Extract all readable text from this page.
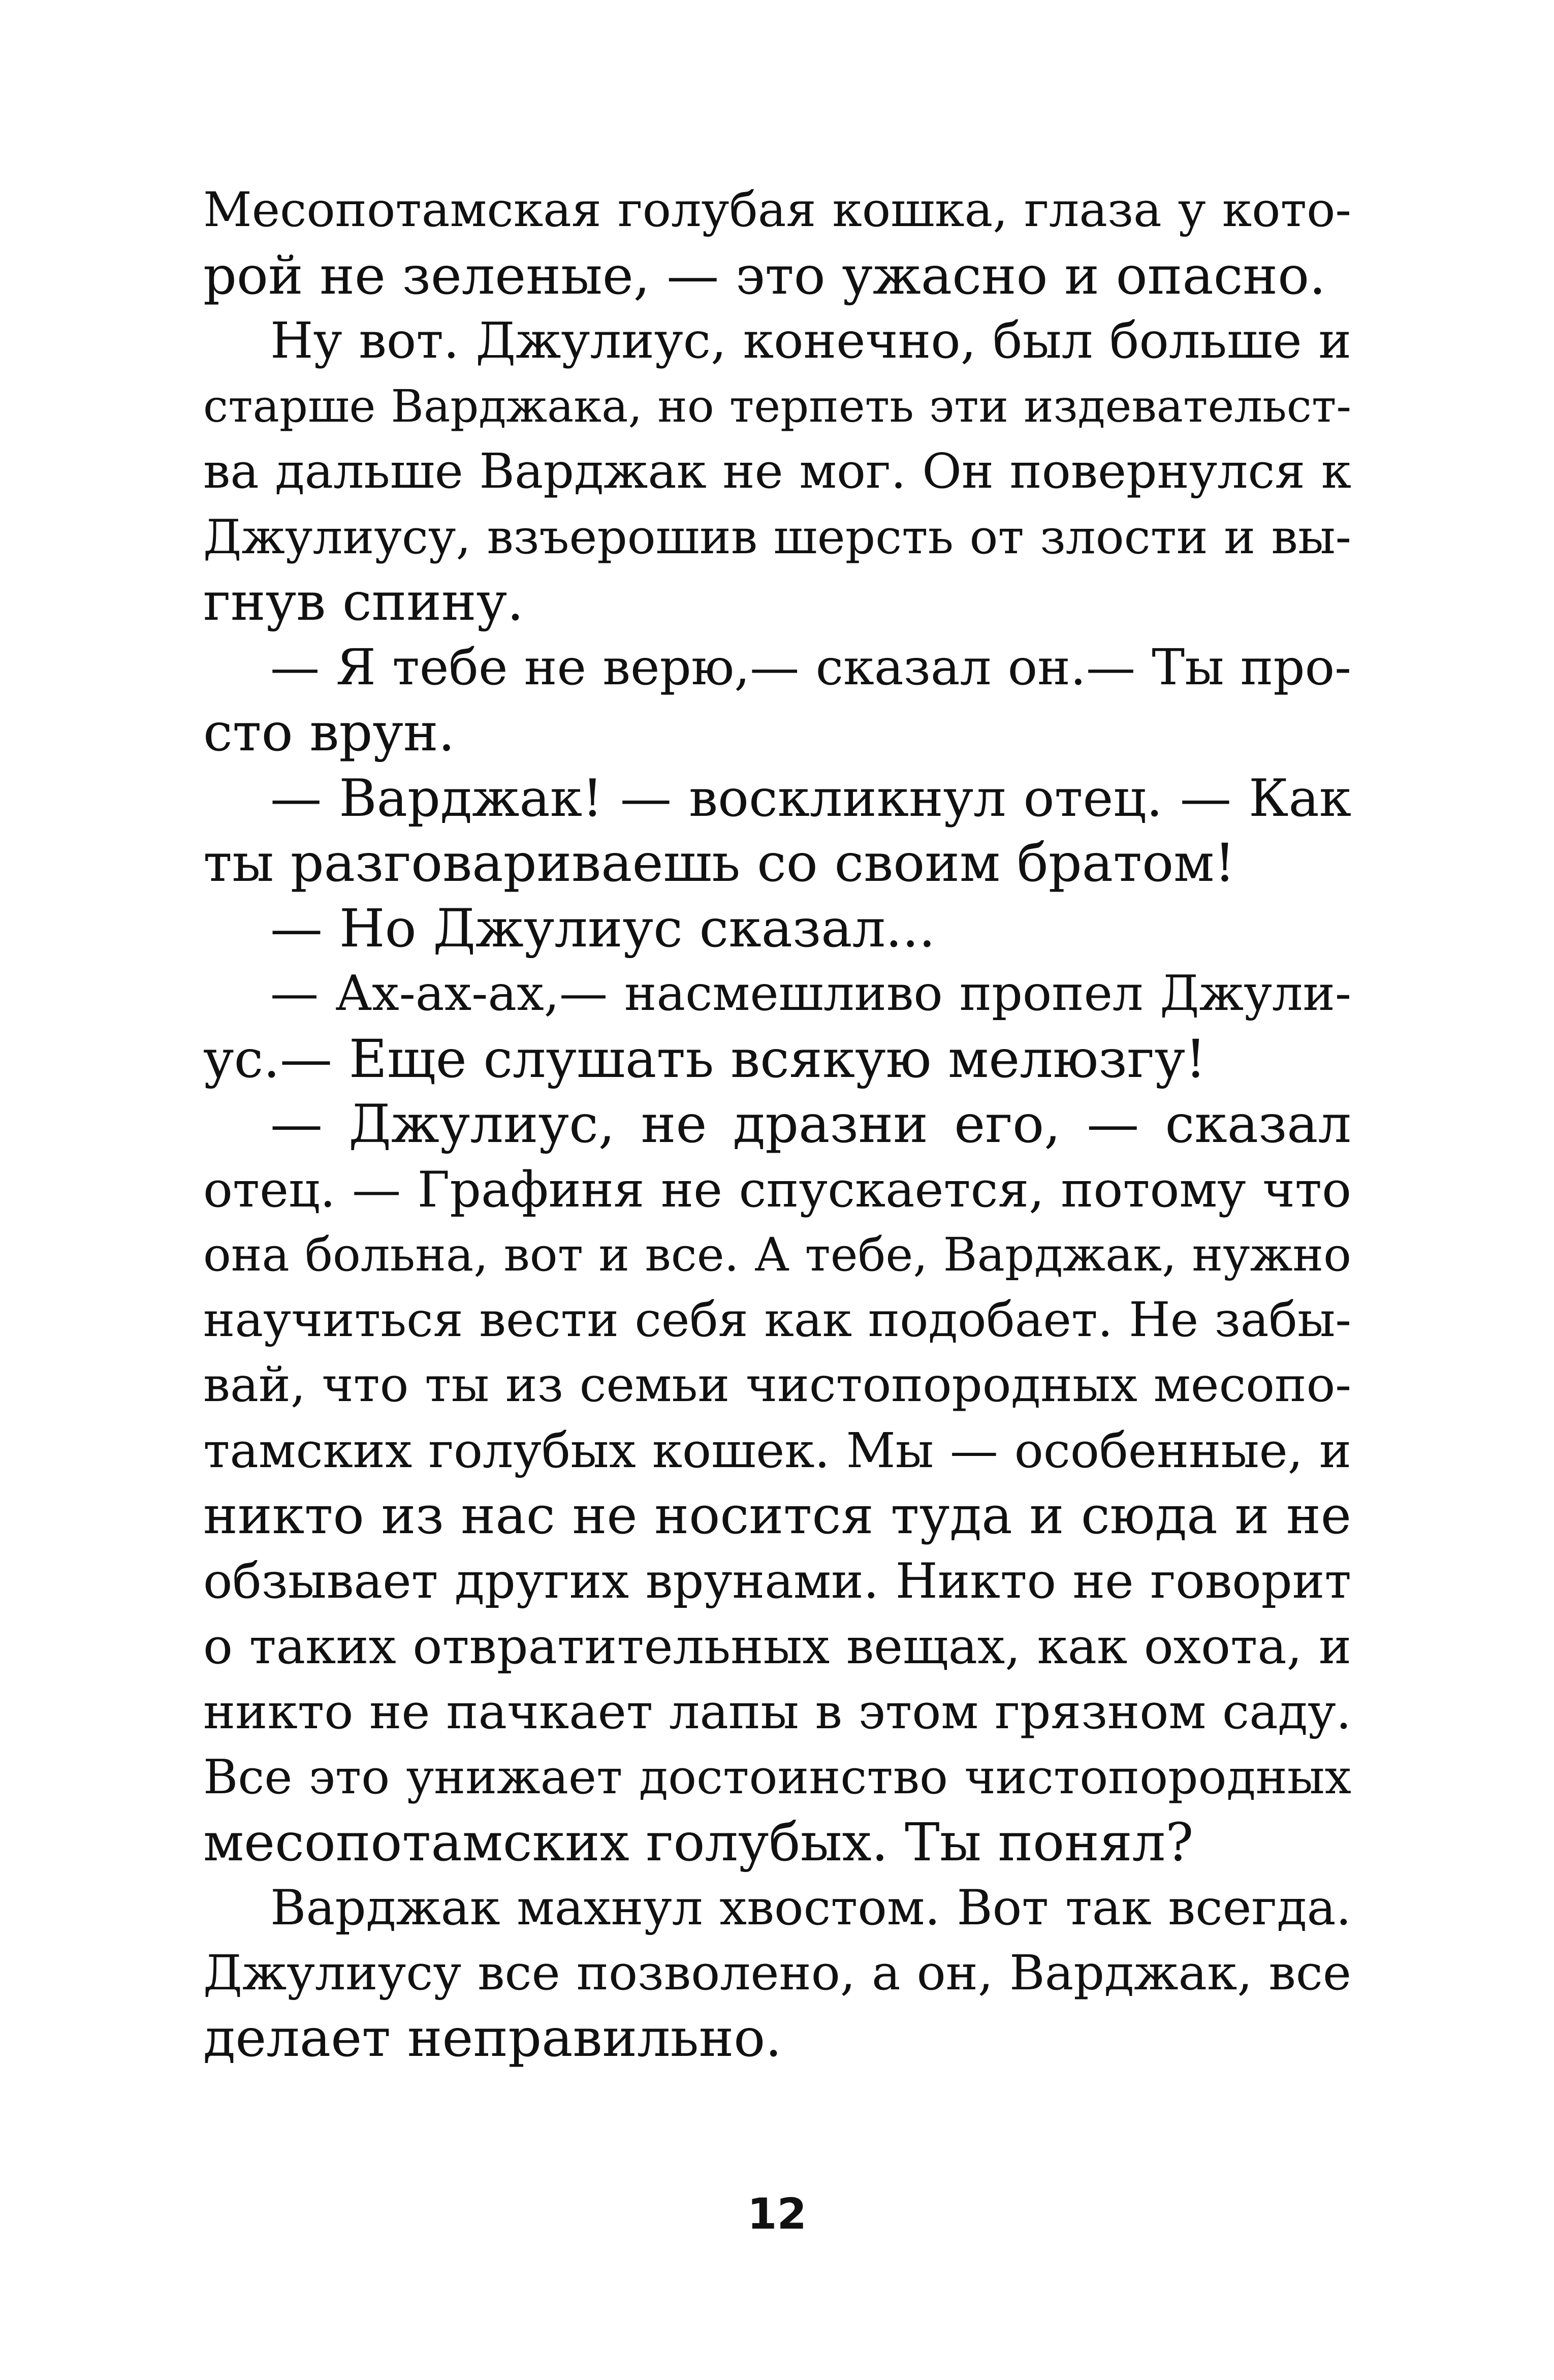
Месопотамская голубая кошка, глаза у кото-
рой не зеленые, — это ужасно и опасно.
Ну вот. Джулиус, конечно, был больше и
старше Варджака, но терпеть эти издевательст-
ва дальше Варджак не мог. Он повернулся к
Джулиусу, взъерошив шерсть от злости и вы-
гнув спину.
— Я тебе не верю,— сказал он.— Ты про-
сто врун.
— Варджак! — воскликнул отец. — Как
ты разговариваешь со своим братом!
— Но Джулиус сказал...
— Ах-ах-ах,— насмешливо пропел Джули-
ус.— Еще слушать всякую мелюзгу!
— Джулиус, не дразни его, — сказал
отец. — Графиня не спускается, потому что
она больна, вот и все. А тебе, Варджак, нужно
научиться вести себя как подобает. Не забы-
вай, что ты из семьи чистопородных месопо-
тамских голубых кошек. Мы — особенные, и
никто из нас не носится туда и сюда и не
обзывает других врунами. Никто не говорит
о таких отвратительных вещах, как охота, и
никто не пачкает лапы в этом грязном саду.
Все это унижает достоинство чистопородных
месопотамских голубых. Ты понял?
Варджак махнул хвостом. Вот так всегда.
Джулиусу все позволено, а он, Варджак, все
делает неправильно.
12
